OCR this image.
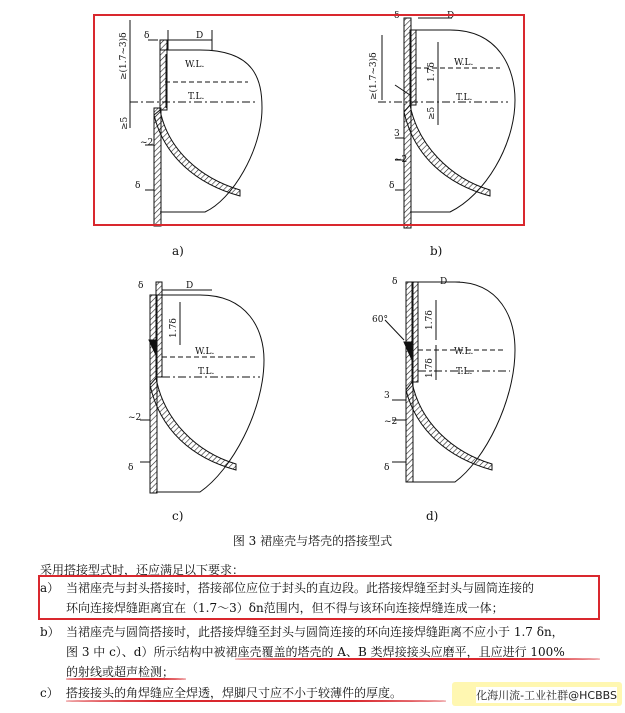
W.L.
T.L.
D
δ
~2
δ
≥5
≥(1.7~3)δ	W.L.
T.L.
D
δ
3
~2
δ
≥(1.7~3)δ	1.7δ
≥5
W.L.
T.L.
D
δ
~2
δ
1.7δ
W.L.
T.L.
D
δ
60°
3
~2
δ
1.7δ
1.7δ
a)	b)
c)	d)
图 3 裙座壳与塔壳的搭接型式
采用搭接型式时，还应满足以下要求：
a） 当裙座壳与封头搭接时，搭接部位应位于封头的直边段。此搭接焊缝至封头与圆筒连接的
环向连接焊缝距离宜在（1.7～3）δn范围内，但不得与该环向连接焊缝连成一体；
b） 当裙座壳与圆筒搭接时，此搭接焊缝至封头与圆筒连接的环向连接焊缝距离不应小于 1.7 δn，
图 3 中 c）、d）所示结构中被裙座壳覆盖的塔壳的 A、B 类焊接接头应磨平，且应进行 100%
的射线或超声检测；
c） 搭接接头的角焊缝应全焊透，焊脚尺寸应不小于较薄件的厚度。	化海川流-工业社群@HCBBS
